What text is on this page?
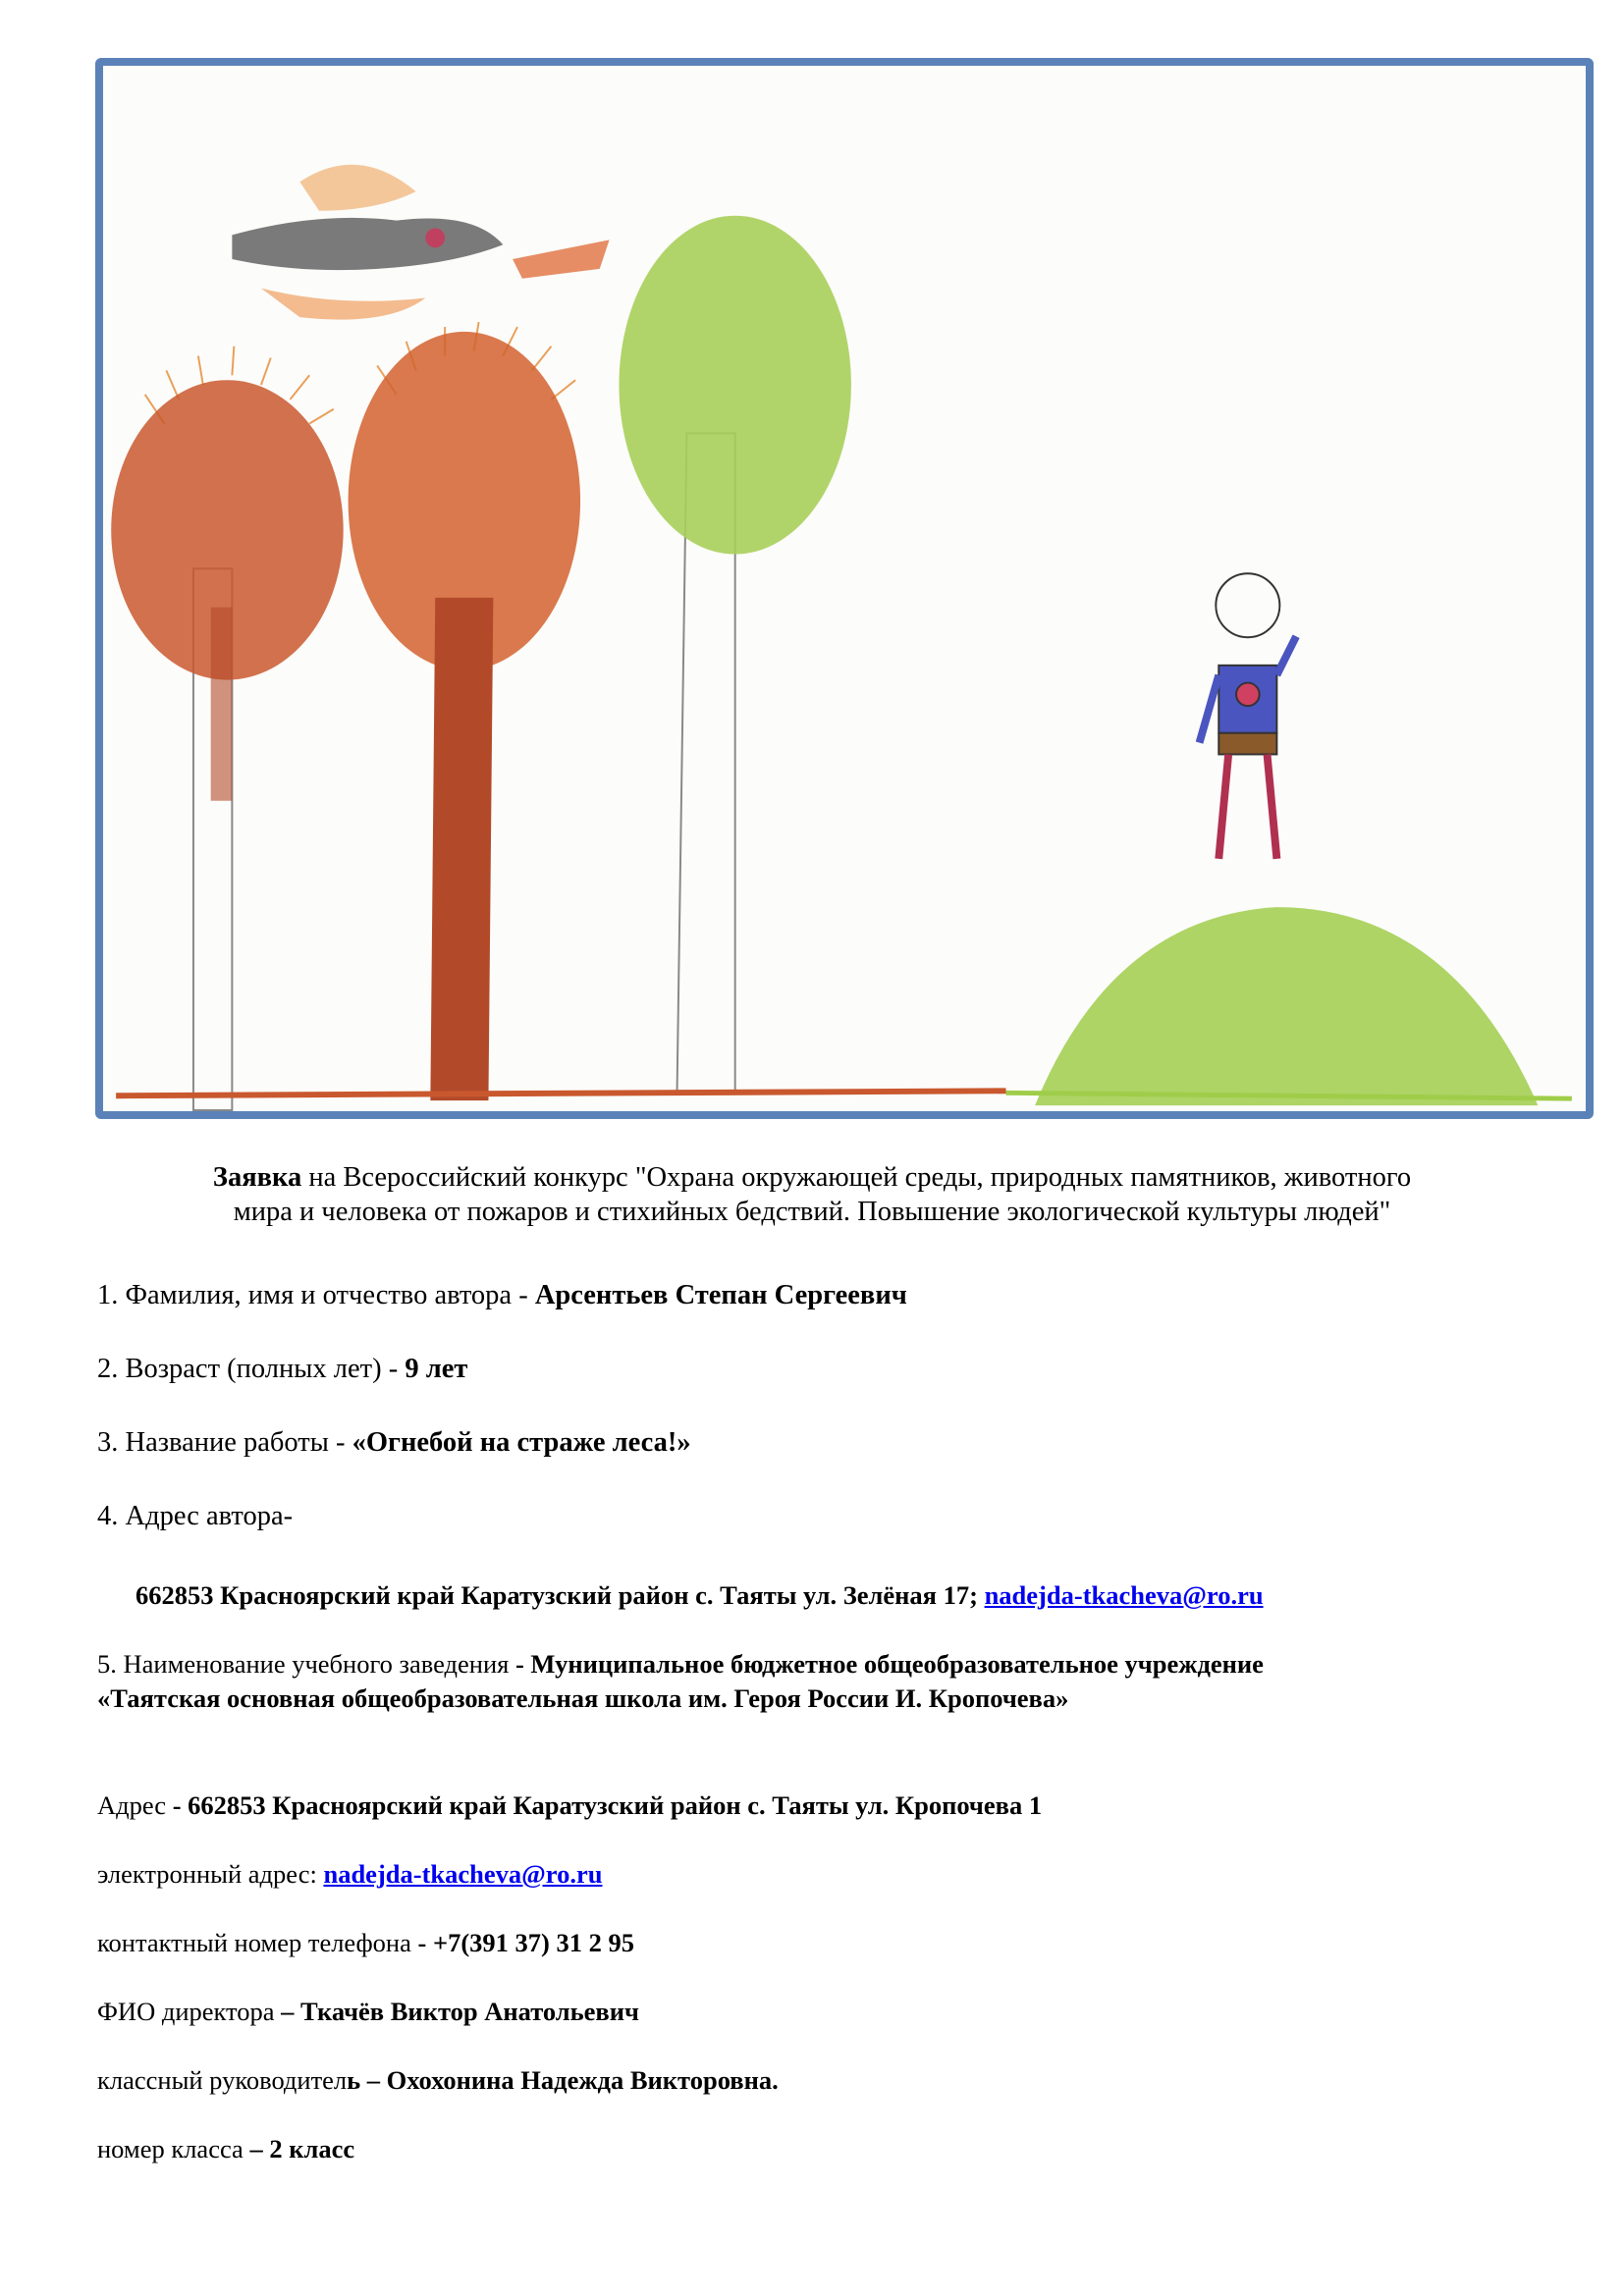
Заявка на Всероссийский конкурс "Охрана окружающей среды, природных памятников, животного
мира и человека от пожаров и стихийных бедствий. Повышение экологической культуры людей"
1. Фамилия, имя и отчество автора - Арсентьев Степан Сергеевич
2. Возраст (полных лет) - 9 лет
3. Название работы - «Огнебой на страже леса!»
4. Адрес автора-
662853 Красноярский край Каратузский район с. Таяты ул. Зелёная 17; nadejda-tkacheva@ro.ru
5. Наименование учебного заведения - Муниципальное бюджетное общеобразовательное учреждение
«Таятская основная общеобразовательная школа им. Героя России И. Кропочева»
Адрес - 662853 Красноярский край Каратузский район с. Таяты ул. Кропочева 1
электронный адрес: nadejda-tkacheva@ro.ru
контактный номер телефона - +7(391 37) 31 2 95
ФИО директора – Ткачёв Виктор Анатольевич
классный руководитель – Охохонина Надежда Викторовна.
номер класса – 2 класс
